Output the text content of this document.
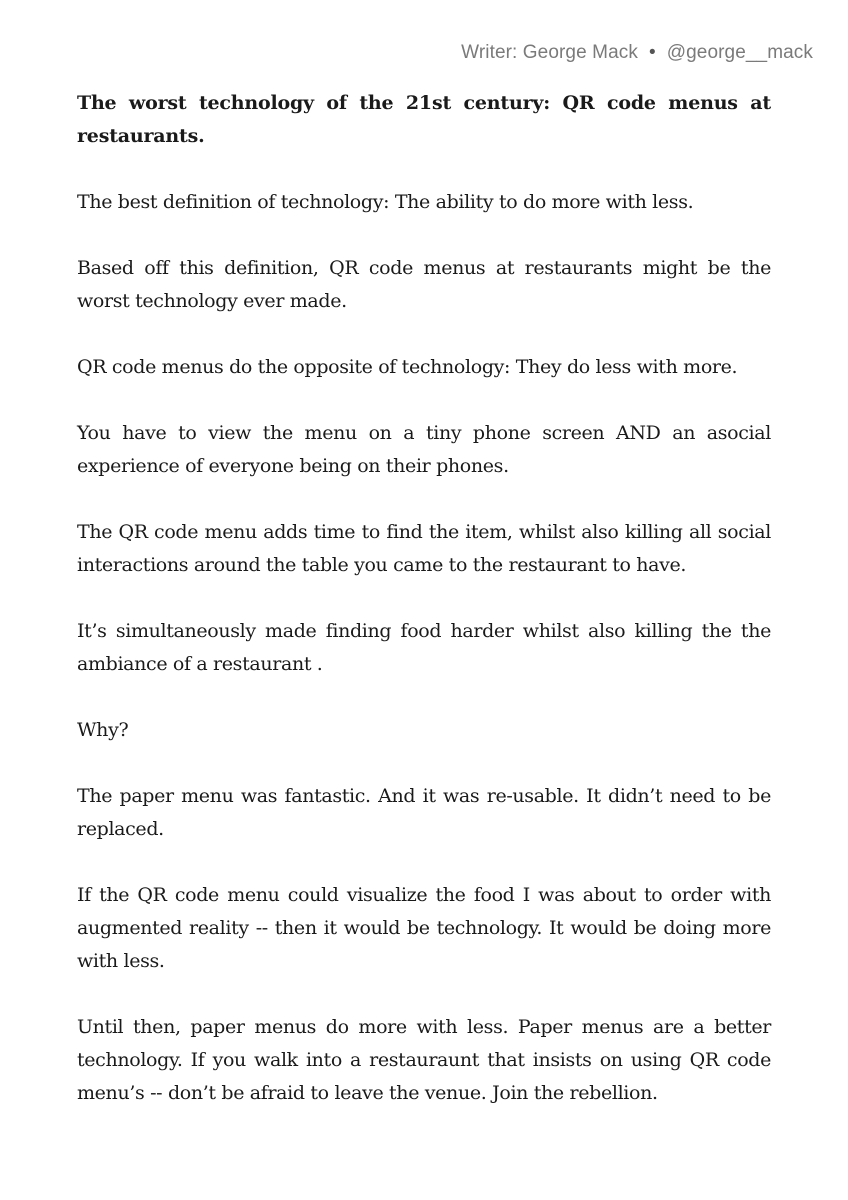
Writer: George Mack • @george__mack
The worst technology of the 21st century: QR code menus at restaurants.

The best definition of technology: The ability to do more with less.

Based off this definition, QR code menus at restaurants might be the worst technology ever made.

QR code menus do the opposite of technology: They do less with more.

You have to view the menu on a tiny phone screen AND an asocial experience of everyone being on their phones.

The QR code menu adds time to find the item, whilst also killing all social interactions around the table you came to the restaurant to have.

It’s simultaneously made finding food harder whilst also killing the the ambiance of a restaurant .

Why?

The paper menu was fantastic. And it was re-usable. It didn’t need to be replaced.

If the QR code menu could visualize the food I was about to order with augmented reality -- then it would be technology. It would be doing more with less.

Until then, paper menus do more with less. Paper menus are a better technology. If you walk into a restauraunt that insists on using QR code menu’s -- don’t be afraid to leave the venue. Join the rebellion.
